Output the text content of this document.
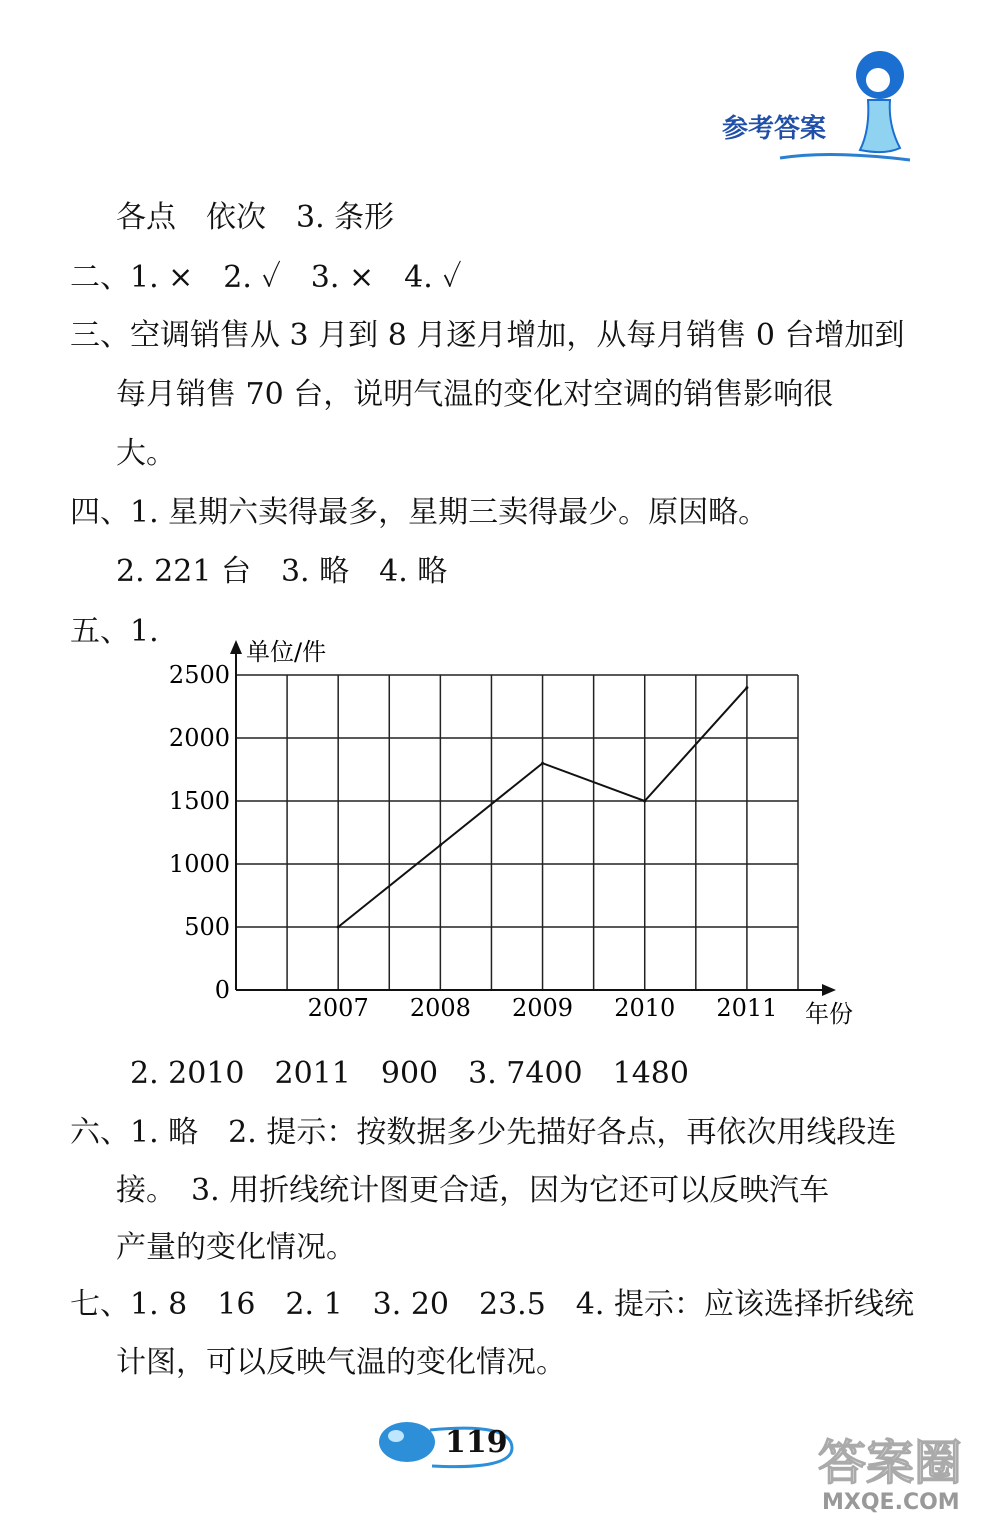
参考答案
各点　依次　3. 条形
二、1. ×　2. ✓　3. ×　4. ✓
三、空调销售从 3 月到 8 月逐月增加，从每月销售 0 台增加到
每月销售 70 台，说明气温的变化对空调的销售影响很
大。
四、1. 星期六卖得最多，星期三卖得最少。原因略。
2. 221 台　3. 略　4. 略
五、1.
2. 2010　2011　900　3. 7400　1480
六、1. 略　2. 提示：按数据多少先描好各点，再依次用线段连
接。　3. 用折线统计图更合适，因为它还可以反映汽车
产量的变化情况。
七、1. 8　16　2. 1　3. 20　23.5　4. 提示：应该选择折线统
计图，可以反映气温的变化情况。
0
500
1000
1500
2000
2500
2007 2008 2009 2010 2011
单位/件
年份
119	答案圈
MXQE.COM
